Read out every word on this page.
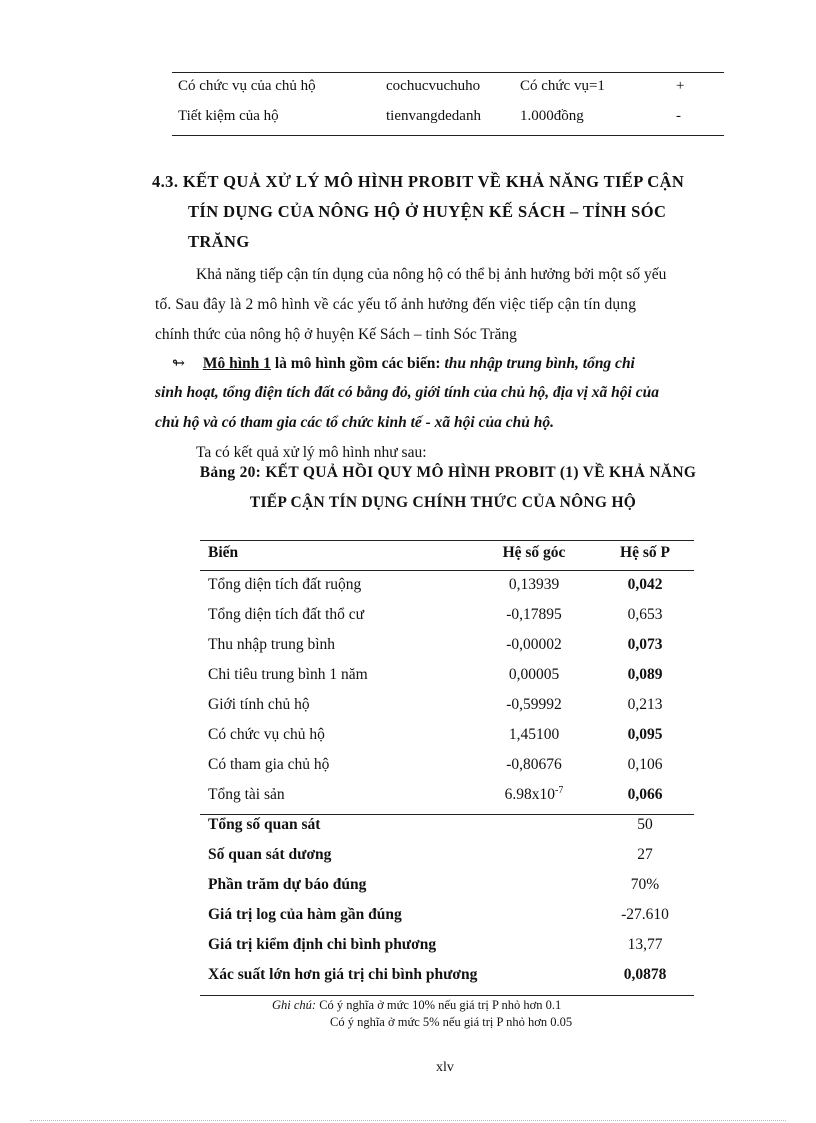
Có chức vụ của chủ hộ	cochucvuchuho	Có chức vụ=1	+
Tiết kiệm của hộ	tienvangdedanh	1.000đồng	-
4.3. KẾT QUẢ XỬ LÝ MÔ HÌNH PROBIT VỀ KHẢ NĂNG TIẾP CẬN
TÍN DỤNG CỦA NÔNG HỘ Ở HUYỆN KẾ SÁCH – TỈNH SÓC
TRĂNG
Khả năng tiếp cận tín dụng của nông hộ có thể bị ảnh hưởng bởi một số yếu
tố. Sau đây là 2 mô hình về các yếu tố ảnh hưởng đến việc tiếp cận tín dụng
chính thức của nông hộ ở huyện Kế Sách – tỉnh Sóc Trăng
↬ Mô hình 1 là mô hình gồm các biến: thu nhập trung bình, tổng chi
sinh hoạt, tổng điện tích đất có bằng đỏ, giới tính của chủ hộ, địa vị xã hội của
chủ hộ và có tham gia các tổ chức kinh tế - xã hội của chủ hộ.
Ta có kết quả xử lý mô hình như sau:
Bảng 20: KẾT QUẢ HỒI QUY MÔ HÌNH PROBIT (1) VỀ KHẢ NĂNG
TIẾP CẬN TÍN DỤNG CHÍNH THỨC CỦA NÔNG HỘ
Biến	Hệ số góc	Hệ số P
Tổng diện tích đất ruộng	0,13939	0,042
Tổng diện tích đất thổ cư	-0,17895	0,653
Thu nhập trung bình	-0,00002	0,073
Chi tiêu trung bình 1 năm	0,00005	0,089
Giới tính chủ hộ	-0,59992	0,213
Có chức vụ chủ hộ	1,45100	0,095
Có tham gia chủ hộ	-0,80676	0,106
Tổng tài sản	$6.98x10^{-7}$	0,066
Tổng số quan sát	50
Số quan sát dương	27
Phần trăm dự báo đúng	70%
Giá trị log của hàm gần đúng	-27.610
Giá trị kiểm định chi bình phương	13,77
Xác suất lớn hơn giá trị chi bình phương	0,0878
Ghi chú: Có ý nghĩa ở mức 10% nếu giá trị P nhỏ hơn 0.1
Có ý nghĩa ở mức 5% nếu giá trị P nhỏ hơn 0.05
xlv
